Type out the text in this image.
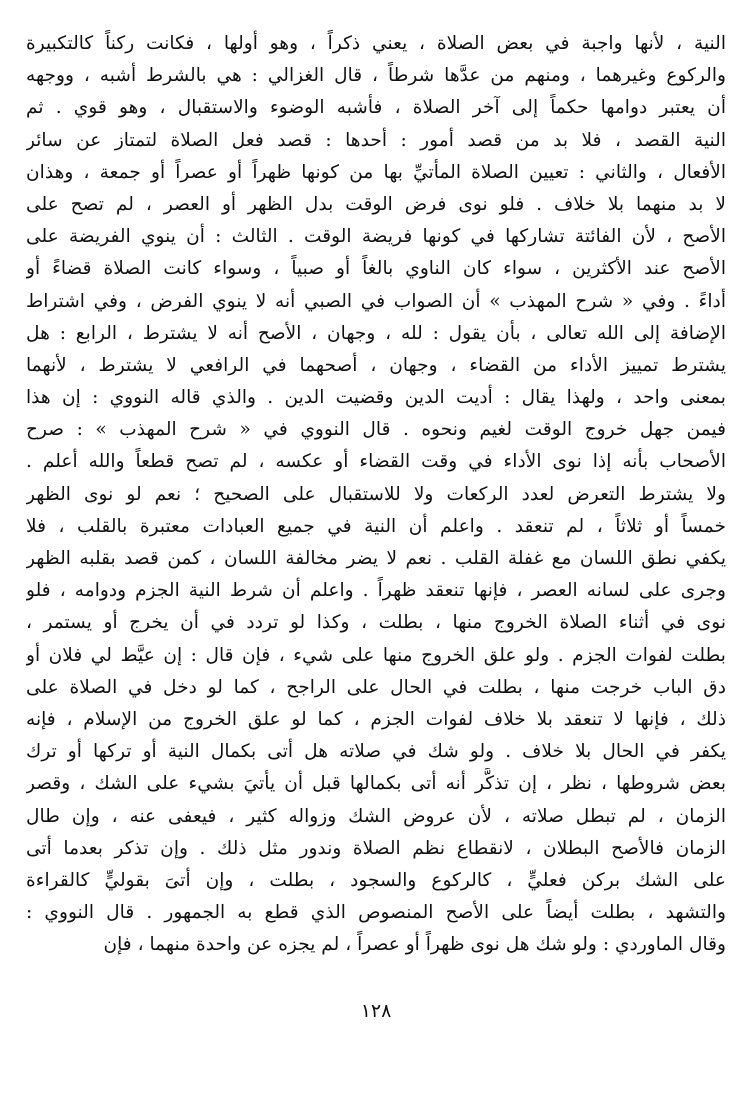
النية ، لأنها واجبة في بعض الصلاة ، يعني ذكراً ، وهو أولها ، فكانت ركناً كالتكبيرة
والركوع وغيرهما ، ومنهم من عدَّها شرطاً ، قال الغزالي : هي بالشرط أشبه ، ووجهه
أن يعتبر دوامها حكماً إلى آخر الصلاة ، فأشبه الوضوء والاستقبال ، وهو قوي . ثم
النية القصد ، فلا بد من قصد أمور : أحدها : قصد فعل الصلاة لتمتاز عن سائر
الأفعال ، والثاني : تعيين الصلاة المأتيِّ بها من كونها ظهراً أو عصراً أو جمعة ، وهذان
لا بد منهما بلا خلاف . فلو نوى فرض الوقت بدل الظهر أو العصر ، لم تصح على
الأصح ، لأن الفائتة تشاركها في كونها فريضة الوقت . الثالث : أن ينوي الفريضة على
الأصح عند الأكثرين ، سواء كان الناوي بالغاً أو صبياً ، وسواء كانت الصلاة قضاءً أو
أداءً . وفي « شرح المهذب » أن الصواب في الصبي أنه لا ينوي الفرض ، وفي اشتراط
الإضافة إلى الله تعالى ، بأن يقول : لله ، وجهان ، الأصح أنه لا يشترط ، الرابع : هل
يشترط تمييز الأداء من القضاء ، وجهان ، أصحهما في الرافعي لا يشترط ، لأنهما
بمعنى واحد ، ولهذا يقال : أديت الدين وقضيت الدين . والذي قاله النووي : إن هذا
فيمن جهل خروج الوقت لغيم ونحوه . قال النووي في « شرح المهذب » : صرح
الأصحاب بأنه إذا نوى الأداء في وقت القضاء أو عكسه ، لم تصح قطعاً والله أعلم .
ولا يشترط التعرض لعدد الركعات ولا للاستقبال على الصحيح ؛ نعم لو نوى الظهر
خمساً أو ثلاثاً ، لم تنعقد . واعلم أن النية في جميع العبادات معتبرة بالقلب ، فلا
يكفي نطق اللسان مع غفلة القلب . نعم لا يضر مخالفة اللسان ، كمن قصد بقلبه الظهر
وجرى على لسانه العصر ، فإنها تنعقد ظهراً . واعلم أن شرط النية الجزم ودوامه ، فلو
نوى في أثناء الصلاة الخروج منها ، بطلت ، وكذا لو تردد في أن يخرج أو يستمر ،
بطلت لفوات الجزم . ولو علق الخروج منها على شيء ، فإن قال : إن عيَّط لي فلان أو
دق الباب خرجت منها ، بطلت في الحال على الراجح ، كما لو دخل في الصلاة على
ذلك ، فإنها لا تنعقد بلا خلاف لفوات الجزم ، كما لو علق الخروج من الإسلام ، فإنه
يكفر في الحال بلا خلاف . ولو شك في صلاته هل أتى بكمال النية أو تركها أو ترك
بعض شروطها ، نظر ، إن تذكَّر أنه أتى بكمالها قبل أن يأتيَ بشيء على الشك ، وقصر
الزمان ، لم تبطل صلاته ، لأن عروض الشك وزواله كثير ، فيعفى عنه ، وإن طال
الزمان فالأصح البطلان ، لانقطاع نظم الصلاة وندور مثل ذلك . وإن تذكر بعدما أتى
على الشك بركن فعليٍّ ، كالركوع والسجود ، بطلت ، وإن أتىَ بقوليٍّ كالقراءة
والتشهد ، بطلت أيضاً على الأصح المنصوص الذي قطع به الجمهور . قال النووي :
وقال الماوردي : ولو شك هل نوى ظهراً أو عصراً ، لم يجزه عن واحدة منهما ، فإن
١٢٨
